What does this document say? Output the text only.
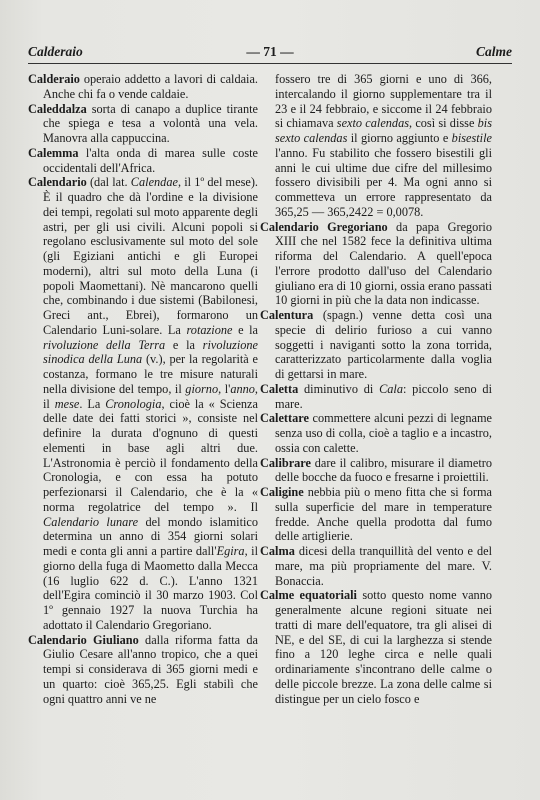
Calderaio	— 71 —	Calme

Calderaio operaio addetto a lavori di caldaia. Anche chi fa o vende caldaie.

Caleddalza sorta di canapo a duplice tirante che spiega e tesa a volontà una vela. Manovra alla cappuccina.

Calemma l'alta onda di marea sulle coste occidentali dell'Africa.

Calendario (dal lat. Calendae, il 1º del mese). È il quadro che dà l'ordine e la divisione dei tempi, regolati sul moto apparente degli astri, per gli usi civili. Alcuni popoli si regolano esclusivamente sul moto del sole (gli Egiziani antichi e gli Europei moderni), altri sul moto della Luna (i popoli Maomettani). Nè mancarono quelli che, combinando i due sistemi (Babilonesi, Greci ant., Ebrei), formarono un Calendario Luni-solare. La rotazione e la rivoluzione della Terra e la rivoluzione sinodica della Luna (v.), per la regolarità e costanza, formano le tre misure naturali nella divisione del tempo, il giorno, l'anno, il mese. La Cronologia, cioè la « Scienza delle date dei fatti storici », consiste nel definire la durata d'ognuno di questi elementi in base agli altri due. L'Astronomia è perciò il fondamento della Cronologia, e con essa ha potuto perfezionarsi il Calendario, che è la « norma regolatrice del tempo ». Il Calendario lunare del mondo islamitico determina un anno di 354 giorni solari medi e conta gli anni a partire dall'Egira, il giorno della fuga di Maometto dalla Mecca (16 luglio 622 d. C.). L'anno 1321 dell'Egira cominciò il 30 marzo 1903. Col 1º gennaio 1927 la nuova Turchia ha adottato il Calendario Gregoriano.

Calendario Giuliano dalla riforma fatta da Giulio Cesare all'anno tropico, che a quei tempi si considerava di 365 giorni medi e un quarto: cioè 365,25. Egli stabilì che ogni quattro anni ve ne

fossero tre di 365 giorni e uno di 366, intercalando il giorno supplementare tra il 23 e il 24 febbraio, e siccome il 24 febbraio si chiamava sexto calendas, così si disse bis sexto calendas il giorno aggiunto e bisestile l'anno. Fu stabilito che fossero bisestili gli anni le cui ultime due cifre del millesimo fossero divisibili per 4. Ma ogni anno si commetteva un errore rappresentato da 365,25 — 365,2422 = 0,0078.

Calendario Gregoriano da papa Gregorio XIII che nel 1582 fece la definitiva ultima riforma del Calendario. A quell'epoca l'errore prodotto dall'uso del Calendario giuliano era di 10 giorni, ossia erano passati 10 giorni in più che la data non indicasse.

Calentura (spagn.) venne detta così una specie di delirio furioso a cui vanno soggetti i naviganti sotto la zona torrida, caratterizzato particolarmente dalla voglia di gettarsi in mare.

Caletta diminutivo di Cala: piccolo seno di mare.

Calettare commettere alcuni pezzi di legname senza uso di colla, cioè a taglio e a incastro, ossia con calette.

Calibrare dare il calibro, misurare il diametro delle bocche da fuoco e fresarne i proiettili.

Caligine nebbia più o meno fitta che si forma sulla superficie del mare in temperature fredde. Anche quella prodotta dal fumo delle artiglierie.

Calma dicesi della tranquillità del vento e del mare, ma più propriamente del mare. V. Bonaccia.

Calme equatoriali sotto questo nome vanno generalmente alcune regioni situate nei tratti di mare dell'equatore, tra gli alisei di NE, e del SE, di cui la larghezza si stende fino a 120 leghe circa e nelle quali ordinariamente s'incontrano delle calme o delle piccole brezze. La zona delle calme si distingue per un cielo fosco e
